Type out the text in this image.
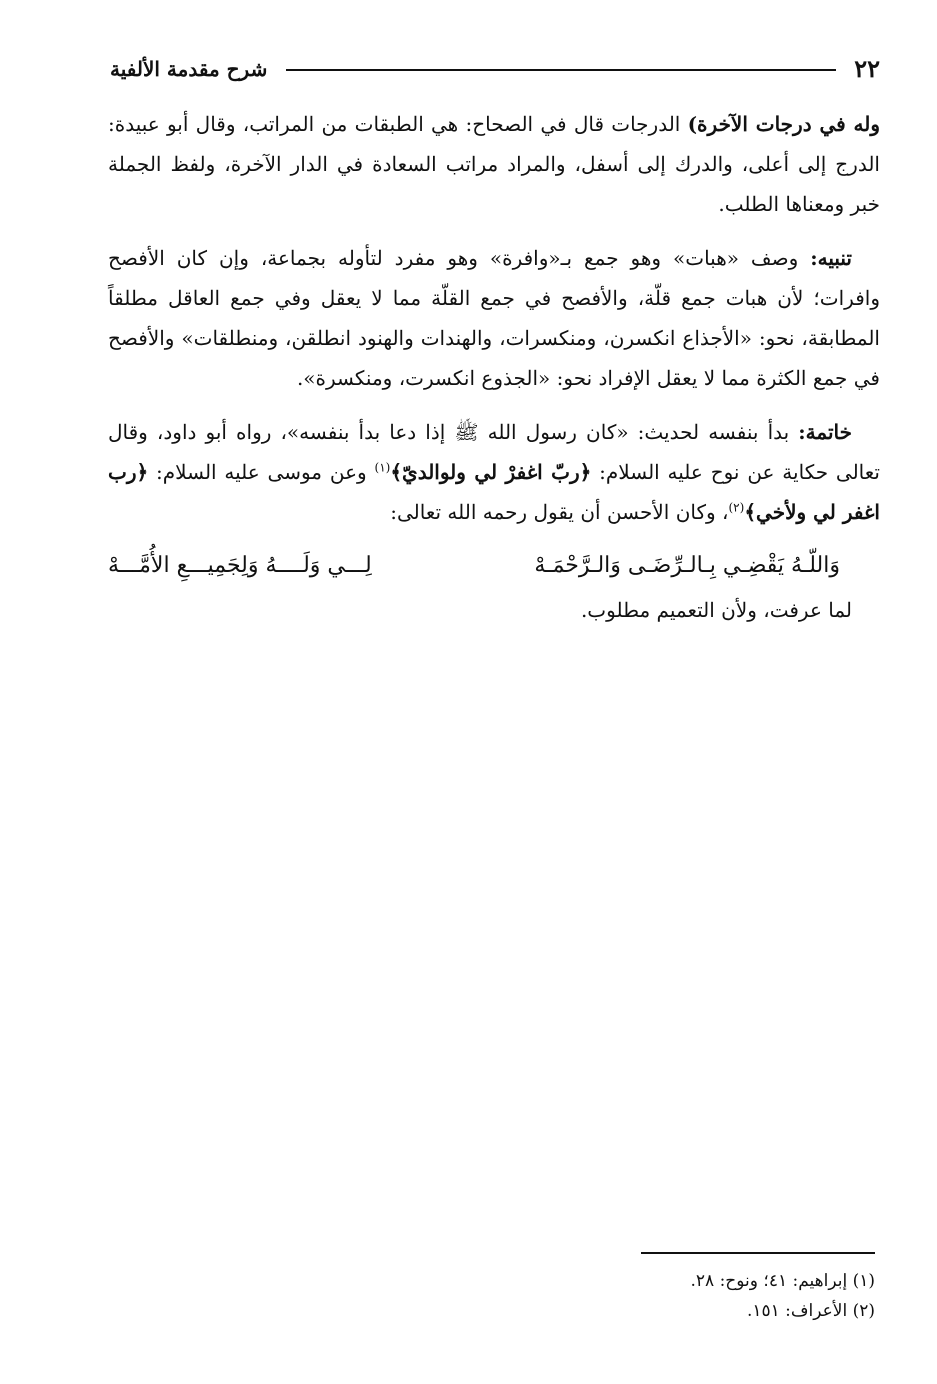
٢٢
شرح مقدمة الألفية

وله في درجات الآخرة) الدرجات قال في الصحاح: هي الطبقات من المراتب، وقال أبو عبيدة: الدرج إلى أعلى، والدرك إلى أسفل، والمراد مراتب السعادة في الدار الآخرة، ولفظ الجملة خبر ومعناها الطلب.

تنبيه: وصف «هبات» وهو جمع بـ«وافرة» وهو مفرد لتأوله بجماعة، وإن كان الأفصح وافرات؛ لأن هبات جمع قلّة، والأفصح في جمع القلّة مما لا يعقل وفي جمع العاقل مطلقاً المطابقة، نحو: «الأجذاع انكسرن، ومنكسرات، والهندات والهنود انطلقن، ومنطلقات» والأفصح في جمع الكثرة مما لا يعقل الإفراد نحو: «الجذوع انكسرت، ومنكسرة».

خاتمة: بدأ بنفسه لحديث: «كان رسول الله ﷺ إذا دعا بدأ بنفسه»، رواه أبو داود، وقال تعالى حكاية عن نوح عليه السلام: ﴿ربّ اغفرْ لي ولوالديّ﴾$^{(١)}$ وعن موسى عليه السلام: ﴿رب اغفر لي ولأخي﴾$^{(٢)}$، وكان الأحسن أن يقول رحمه الله تعالى:

وَاللّـهُ يَقْضِـي بِـالـرِّضَـى وَالـرَّحْمَـهْ
لِـــي وَلَــــهُ وَلِجَمِيـــعِ الأُمَّـــهْ

لما عرفت، ولأن التعميم مطلوب.

(١) إبراهيم: ٤١؛ ونوح: ٢٨.

(٢) الأعراف: ١٥١.
